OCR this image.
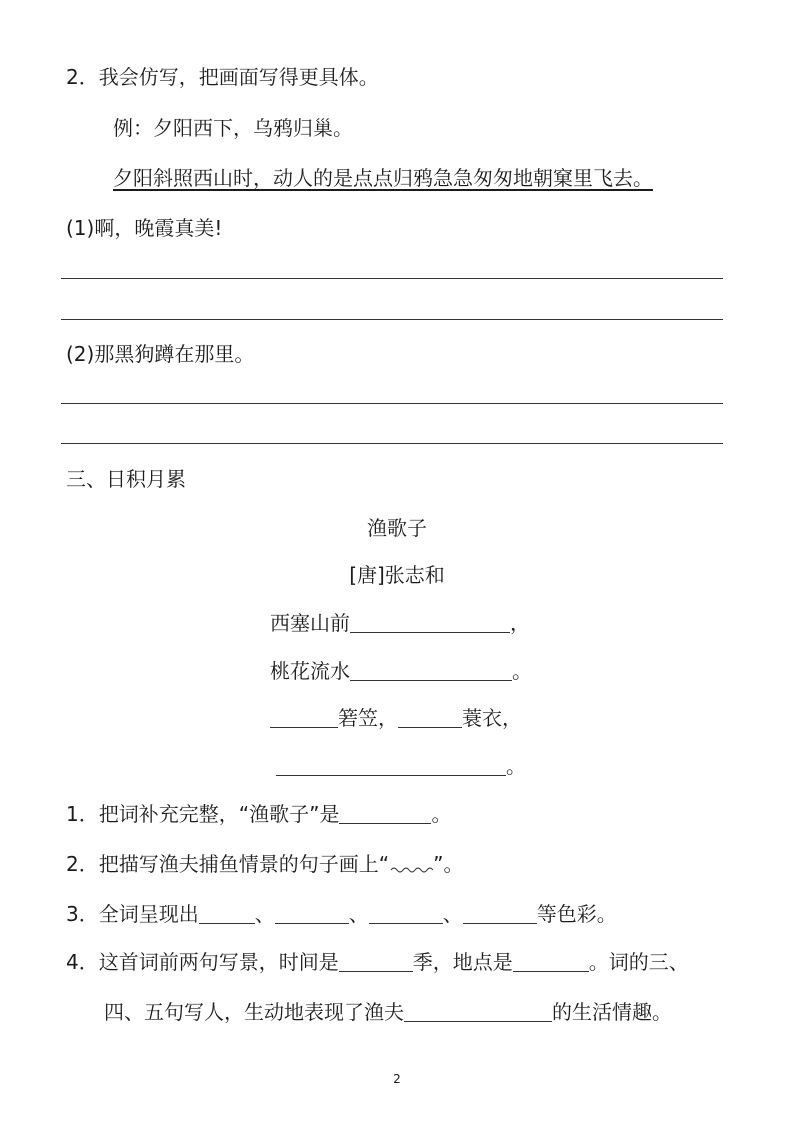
2．我会仿写，把画面写得更具体。
例：夕阳西下，乌鸦归巢。
夕阳斜照西山时，动人的是点点归鸦急急匆匆地朝窠里飞去。
(1)啊，晚霞真美!
(2)那黑狗蹲在那里。
三、日积月累
渔歌子
[唐]张志和
西塞山前	，
桃花流水	。
箬笠，	蓑衣，
。
1．把词补充完整，“渔歌子”是	。
2．把描写渔夫捕鱼情景的句子画上“ ”。
3．全词呈现出	、	、	、	等色彩。
4．这首词前两句写景，时间是	季，地点是	。词的三、
四、五句写人，生动地表现了渔夫	的生活情趣。
2
